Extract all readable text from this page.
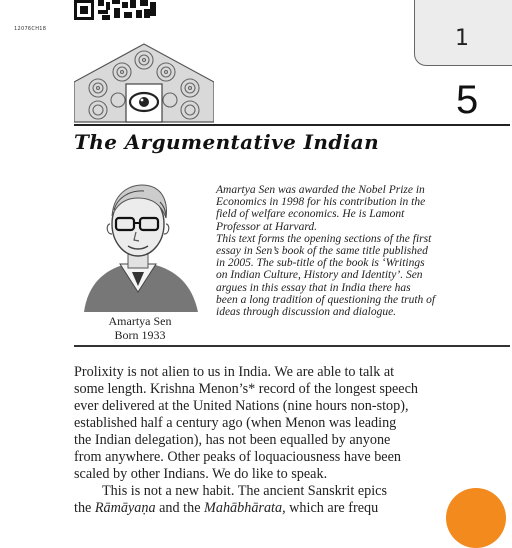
12076CH18	1
5
The Argumentative Indian
Amartya Sen
Born 1933
Amartya Sen was awarded the Nobel Prize in
Economics in 1998 for his contribution in the
field of welfare economics. He is Lamont
Professor at Harvard.
This text forms the opening sections of the first
essay in Sen’s book of the same title published
in 2005. The sub-title of the book is ‘Writings
on Indian Culture, History and Identity’. Sen
argues in this essay that in India there has
been a long tradition of questioning the truth of
ideas through discussion and dialogue.
Prolixity is not alien to us in India. We are able to talk at
some length. Krishna Menon’s* record of the longest speech
ever delivered at the United Nations (nine hours non-stop),
established half a century ago (when Menon was leading
the Indian delegation), has not been equalled by anyone
from anywhere. Other peaks of loquaciousness have been
scaled by other Indians. We do like to speak.
This is not a new habit. The ancient Sanskrit epics
the Rāmāyaṇa and the Mahābhārata, which are frequ
